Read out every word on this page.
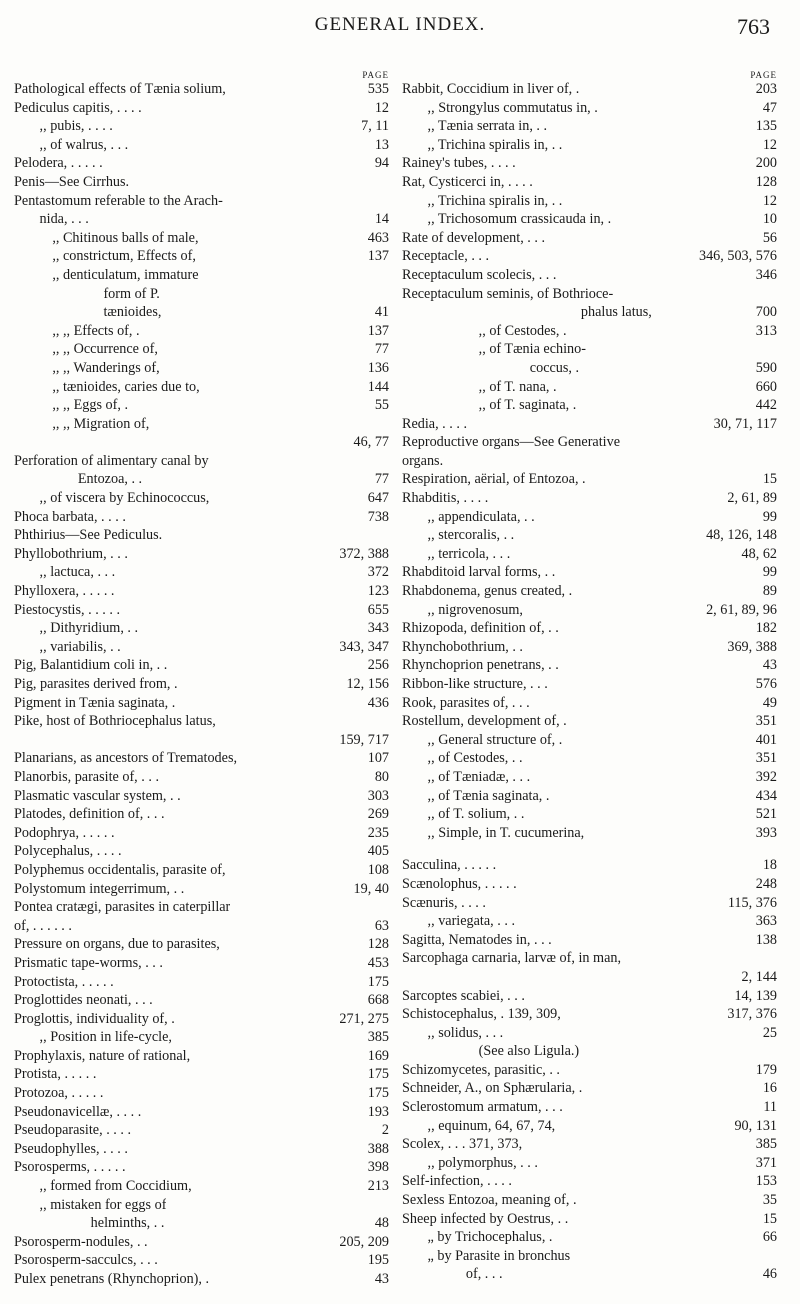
GENERAL INDEX.	763
PAGE
Pathological effects of Tænia solium,	535
Pediculus capitis, . . . .	12
,, pubis, . . . .	7, 11
,, of walrus, . . .	13
Pelodera, . . . . .	94
Penis—See Cirrhus.
Pentastomum referable to the Arach-
nida, . . .	14
,, Chitinous balls of male,	463
,, constrictum, Effects of,	137
,, denticulatum, immature
form of P.
tænioides,	41
,, ,, Effects of, .	137
,, ,, Occurrence of,	77
,, ,, Wanderings of,	136
,, tænioides, caries due to,	144
,, ,, Eggs of, .	55
,, ,, Migration of,
46, 77
Perforation of alimentary canal by
Entozoa, . .	77
,, of viscera by Echinococcus,	647
Phoca barbata, . . . .	738
Phthirius—See Pediculus.
Phyllobothrium, . . .	372, 388
,, lactuca, . . .	372
Phylloxera, . . . . .	123
Piestocystis, . . . . .	655
,, Dithyridium, . .	343
,, variabilis, . .	343, 347
Pig, Balantidium coli in, . .	256
Pig, parasites derived from, .	12, 156
Pigment in Tænia saginata, .	436
Pike, host of Bothriocephalus latus,
159, 717
Planarians, as ancestors of Trematodes,	107
Planorbis, parasite of, . . .	80
Plasmatic vascular system, . .	303
Platodes, definition of, . . .	269
Podophrya, . . . . .	235
Polycephalus, . . . .	405
Polyphemus occidentalis, parasite of,	108
Polystomum integerrimum, . .	19, 40
Pontea cratægi, parasites in caterpillar
of, . . . . . .	63
Pressure on organs, due to parasites,	128
Prismatic tape-worms, . . .	453
Protoctista, . . . . .	175
Proglottides neonati, . . .	668
Proglottis, individuality of, .	271, 275
,, Position in life-cycle,	385
Prophylaxis, nature of rational,	169
Protista, . . . . .	175
Protozoa, . . . . .	175
Pseudonavicellæ, . . . .	193
Pseudoparasite, . . . .	2
Pseudophylles, . . . .	388
Psorosperms, . . . . .	398
,, formed from Coccidium,	213
,, mistaken for eggs of
helminths, . .	48
Psorosperm-nodules, . .	205, 209
Psorosperm-sacculcs, . . .	195
Pulex penetrans (Rhynchoprion), .	43
PAGE
Rabbit, Coccidium in liver of, .	203
,, Strongylus commutatus in, .	47
,, Tænia serrata in, . .	135
,, Trichina spiralis in, . .	12
Rainey's tubes, . . . .	200
Rat, Cysticerci in, . . . .	128
,, Trichina spiralis in, . .	12
,, Trichosomum crassicauda in, .	10
Rate of development, . . .	56
Receptacle, . . .	346, 503, 576
Receptaculum scolecis, . . .	346
Receptaculum seminis, of Bothrioce-
phalus latus,	700
,, of Cestodes, .	313
,, of Tænia echino-
coccus, .	590
,, of T. nana, .	660
,, of T. saginata, .	442
Redia, . . . .	30, 71, 117
Reproductive organs—See Generative
organs.
Respiration, aërial, of Entozoa, .	15
Rhabditis, . . . .	2, 61, 89
,, appendiculata, . .	99
,, stercoralis, . .	48, 126, 148
,, terricola, . . .	48, 62
Rhabditoid larval forms, . .	99
Rhabdonema, genus created, .	89
,, nigrovenosum,	2, 61, 89, 96
Rhizopoda, definition of, . .	182
Rhynchobothrium, . .	369, 388
Rhynchoprion penetrans, . .	43
Ribbon-like structure, . . .	576
Rook, parasites of, . . .	49
Rostellum, development of, .	351
,, General structure of, .	401
,, of Cestodes, . .	351
,, of Tæniadæ, . . .	392
,, of Tænia saginata, .	434
,, of T. solium, . .	521
,, Simple, in T. cucumerina,	393
Sacculina, . . . . .	18
Scænolophus, . . . . .	248
Scænuris, . . . .	115, 376
,, variegata, . . .	363
Sagitta, Nematodes in, . . .	138
Sarcophaga carnaria, larvæ of, in man,
2, 144
Sarcoptes scabiei, . . .	14, 139
Schistocephalus, . 139, 309,	317, 376
,, solidus, . . .	25
(See also Ligula.)
Schizomycetes, parasitic, . .	179
Schneider, A., on Sphærularia, .	16
Sclerostomum armatum, . . .	11
,, equinum, 64, 67, 74,	90, 131
Scolex, . . . 371, 373,	385
,, polymorphus, . . .	371
Self-infection, . . . .	153
Sexless Entozoa, meaning of, .	35
Sheep infected by Oestrus, . .	15
„ by Trichocephalus, .	66
„ by Parasite in bronchus
of, . . .	46
